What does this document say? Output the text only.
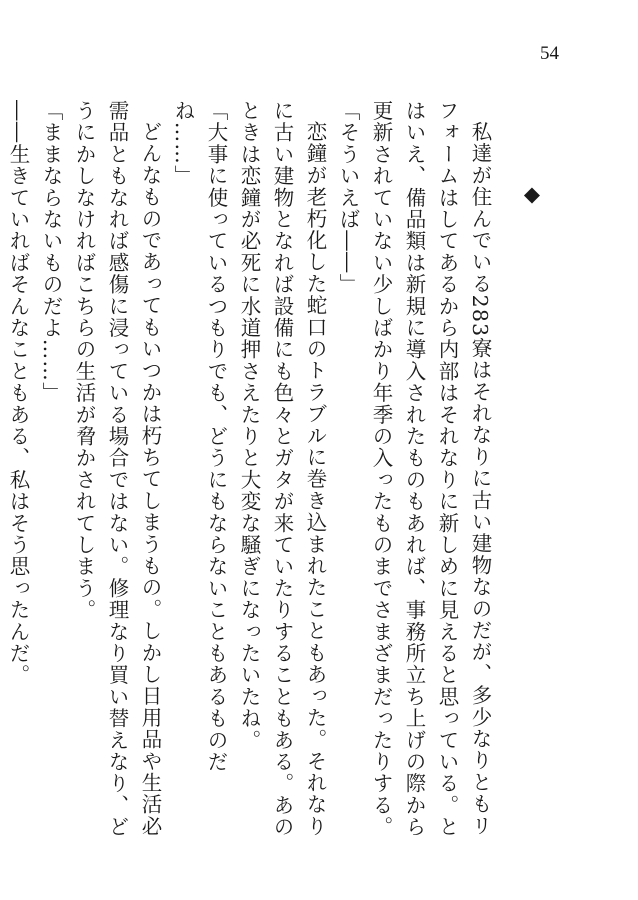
54
◆

私達が住んでいる283寮はそれなりに古い建物なのだが、多少なりともリフォームはしてあるから内部はそれなりに新しめに見えると思っている。とはいえ、備品類は新規に導入されたものもあれば、事務所立ち上げの際から更新されていない少しばかり年季の入ったものまでさまざまだったりする。

「そういえば――」

恋鐘が老朽化した蛇口のトラブルに巻き込まれたこともあった。それなりに古い建物となれば設備にも色々とガタが来ていたりすることもある。あのときは恋鐘が必死に水道押さえたりと大変な騒ぎになったいたね。

「大事に使っているつもりでも、どうにもならないこともあるものだね……」

どんなものであってもいつかは朽ちてしまうもの。しかし日用品や生活必需品ともなれば感傷に浸っている場合ではない。修理なり買い替えなり、どうにかしなければこちらの生活が脅かされてしまう。

「ままならないものだよ……」

――生きていればそんなこともある、私はそう思ったんだ。
